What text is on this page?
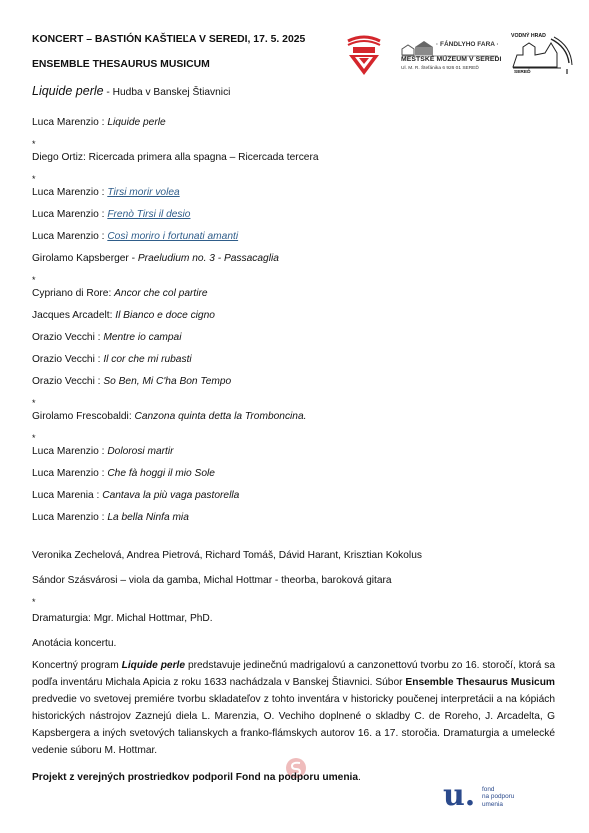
KONCERT – BASTIÓN KAŠTIEĽA V SEREDI, 17. 5. 2025
ENSEMBLE THESAURUS MUSICUM
Liquide perle - Hudba v Banskej Štiavnici
· FÁNDLYHO FARA ·
MESTSKÉ MÚZEUM V SEREDI
Ul. M. R. Štefánika 6 926 01 SEREĎ
VODNÝ HRAD
SEREĎ
Luca Marenzio : Liquide perle
*
Diego Ortiz: Ricercada primera alla spagna – Ricercada tercera
*
Luca Marenzio : Tirsi morir volea
Luca Marenzio : Frenò Tirsi il desio
Luca Marenzio : Così moriro i fortunati amanti
Girolamo Kapsberger - Praeludium no. 3 - Passacaglia
*
Cypriano di Rore: Ancor che col partire
Jacques Arcadelt: Il Bianco e doce cigno
Orazio Vecchi : Mentre io campai
Orazio Vecchi : Il cor che mi rubasti
Orazio Vecchi : So Ben, Mi C'ha Bon Tempo
*
Girolamo Frescobaldi: Canzona quinta detta la Tromboncina.
*
Luca Marenzio : Dolorosi martir
Luca Marenzio : Che fà hoggi il mio Sole
Luca Marenia : Cantava la più vaga pastorella
Luca Marenzio : La bella Ninfa mia
Veronika Zechelová, Andrea Pietrová, Richard Tomáš, Dávid Harant, Krisztian Kokolus
Sándor Szásvárosi – viola da gamba, Michal Hottmar - theorba, baroková gitara
*
Dramaturgia: Mgr. Michal Hottmar, PhD.
Anotácia koncertu.
Koncertný program Liquide perle predstavuje jedinečnú madrigalovú a canzonettovú tvorbu zo 16. storočí, ktorá sa podľa inventáru Michala Apicia z roku 1633 nachádzala v Banskej Štiavnici. Súbor Ensemble Thesaurus Musicum predvedie vo svetovej premiére tvorbu skladateľov z tohto inventára v historicky poučenej interpretácii a na kópiách historických nástrojov Zaznejú diela L. Marenzia, O. Vechiho doplnené o skladby C. de Roreho, J. Arcadelta, G Kapsbergera a iných svetových talianskych a franko-flámskych autorov 16. a 17. storočia. Dramaturgia a umelecké vedenie súboru M. Hottmar.
Projekt z verejných prostriedkov podporil Fond na podporu umenia.
u. fond
na podporu
umenia
